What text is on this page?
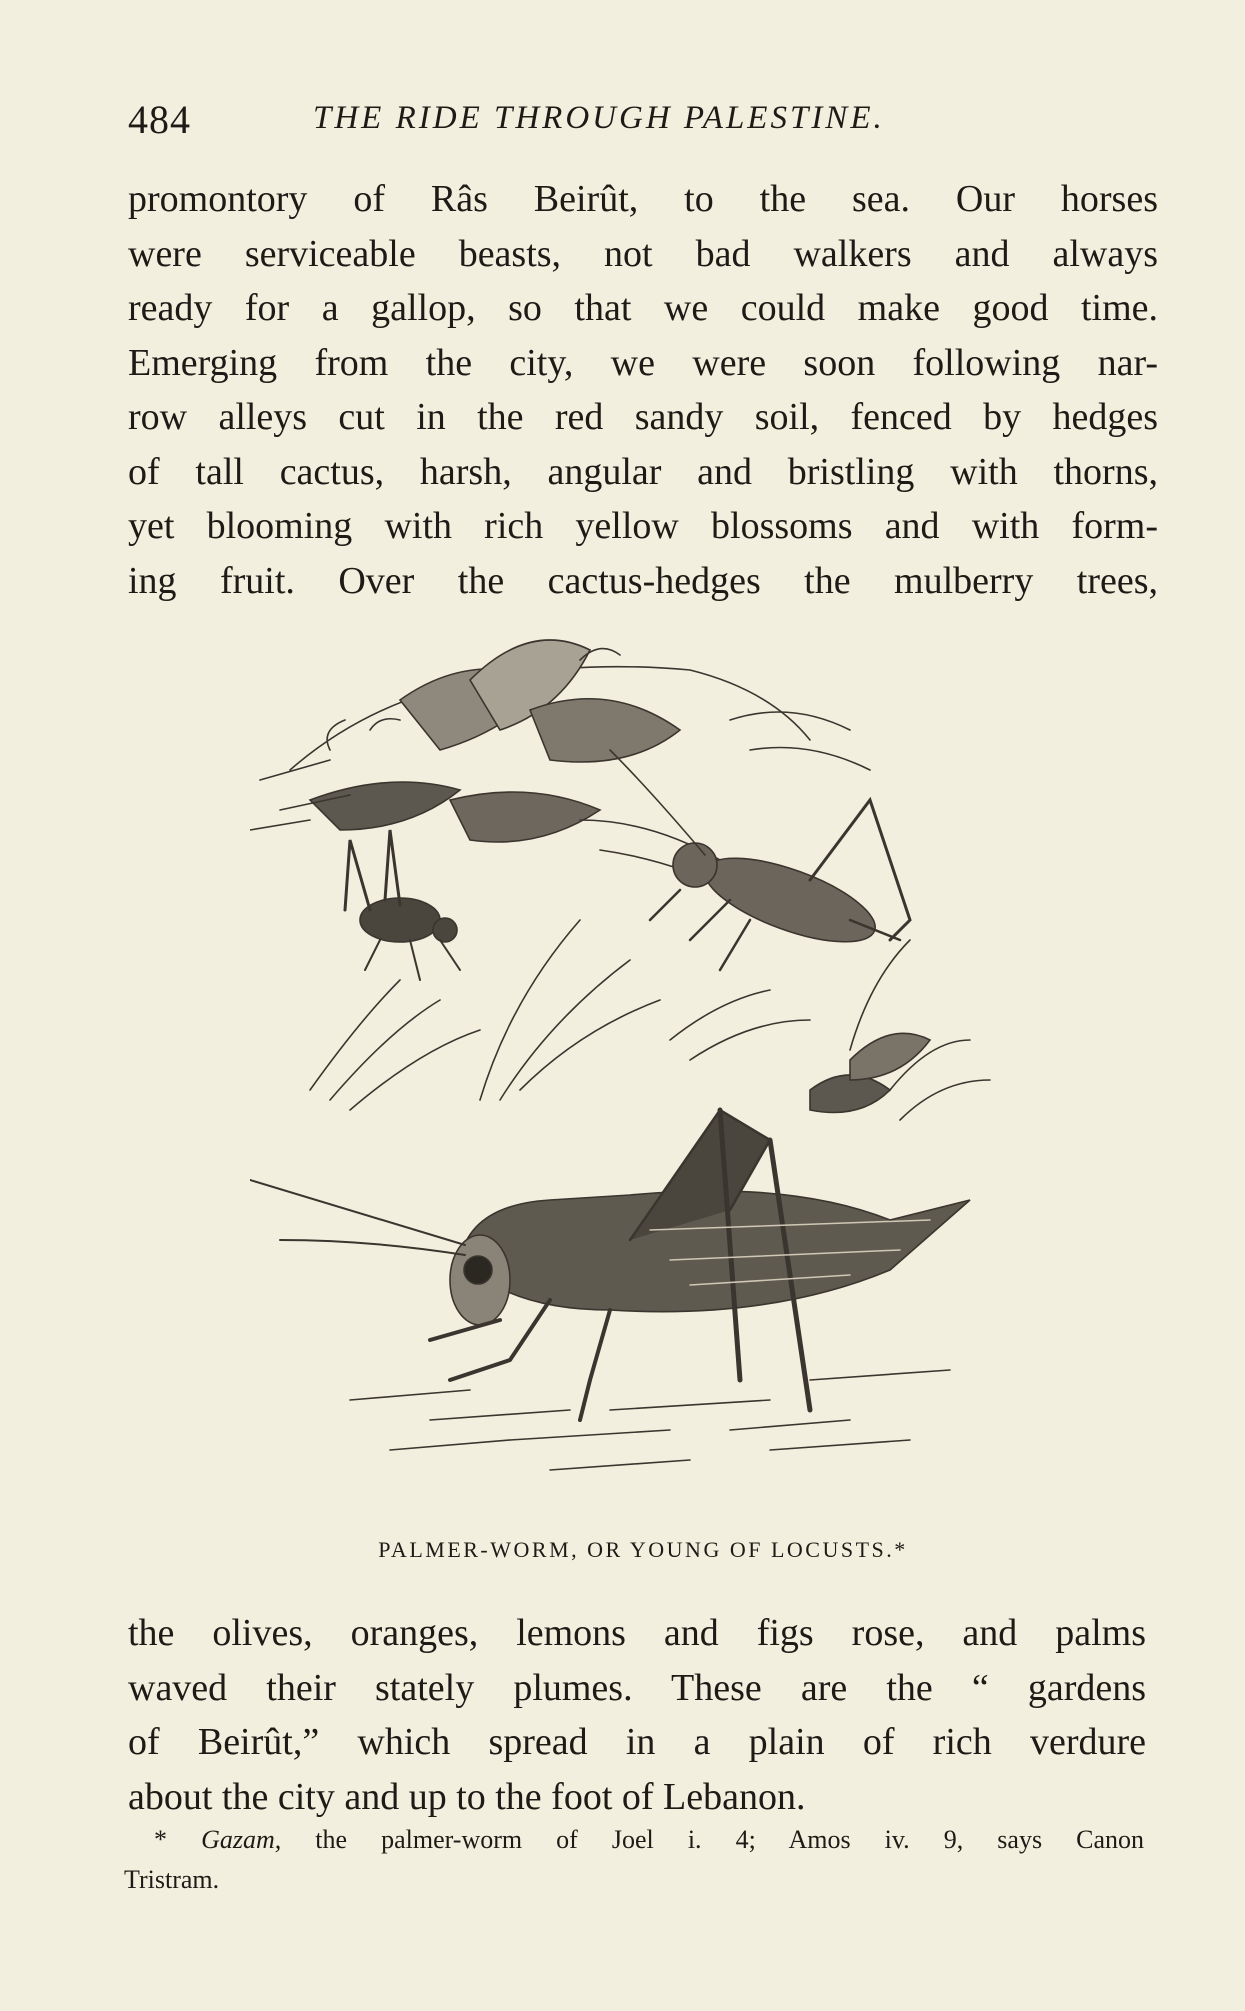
484	THE RIDE THROUGH PALESTINE.
promontory of Râs Beirût, to the sea. Our horses
were serviceable beasts, not bad walkers and always
ready for a gallop, so that we could make good time.
Emerging from the city, we were soon following nar-
row alleys cut in the red sandy soil, fenced by hedges
of tall cactus, harsh, angular and bristling with thorns,
yet blooming with rich yellow blossoms and with form-
ing fruit. Over the cactus-hedges the mulberry trees,
PALMER-WORM, OR YOUNG OF LOCUSTS.*
the olives, oranges, lemons and figs rose, and palms
waved their stately plumes. These are the “ gardens
of Beirût,” which spread in a plain of rich verdure
about the city and up to the foot of Lebanon.
* Gazam, the palmer-worm of Joel i. 4; Amos iv. 9, says Canon
Tristram.
